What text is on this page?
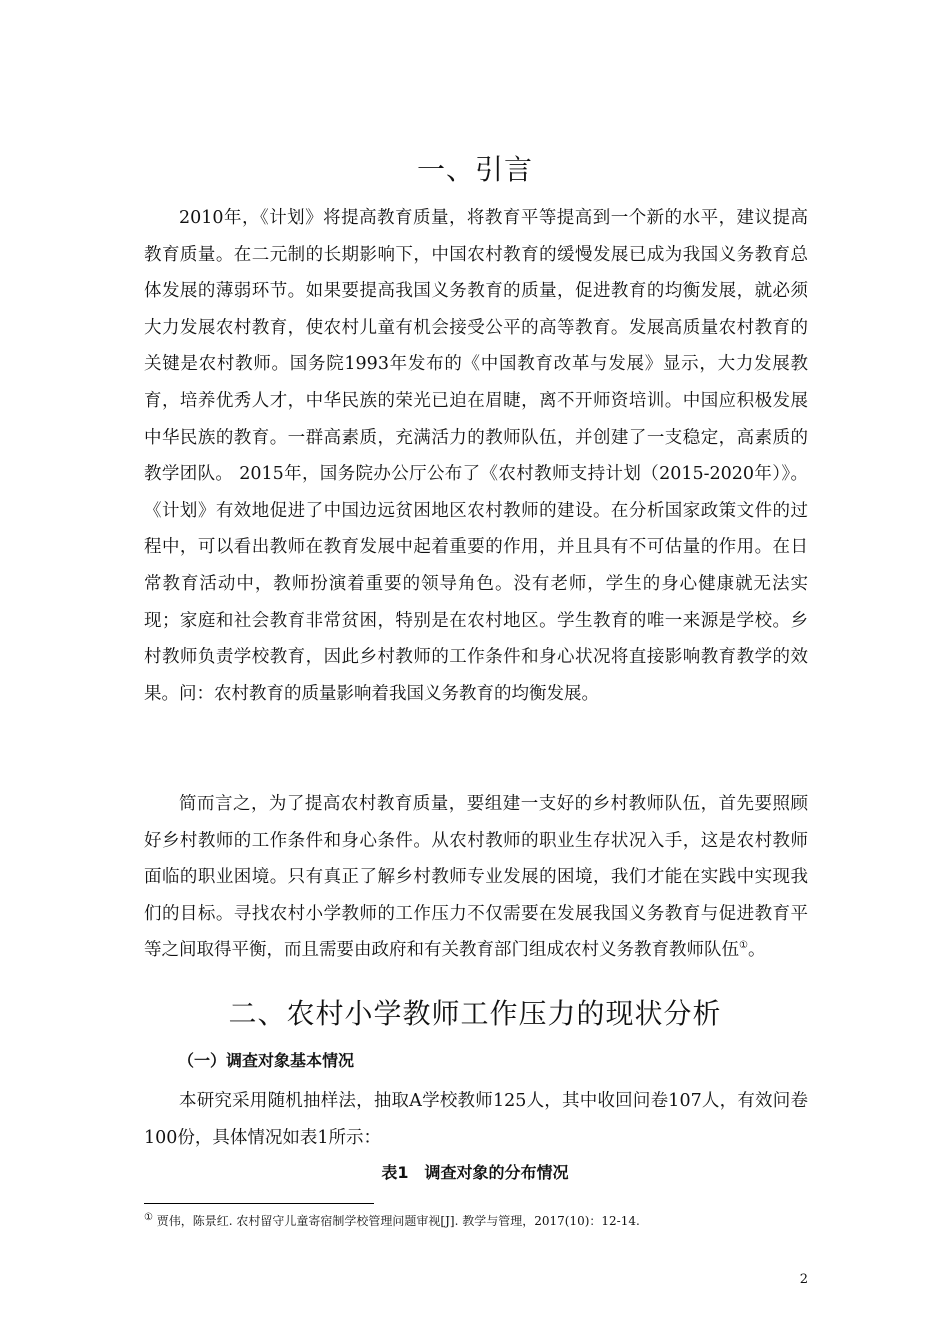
一、引言

2010年，《计划》将提高教育质量，将教育平等提高到一个新的水平，建议提高教育质量。在二元制的长期影响下，中国农村教育的缓慢发展已成为我国义务教育总体发展的薄弱环节。如果要提高我国义务教育的质量，促进教育的均衡发展，就必须大力发展农村教育，使农村儿童有机会接受公平的高等教育。发展高质量农村教育的关键是农村教师。国务院1993年发布的《中国教育改革与发展》显示，大力发展教育，培养优秀人才，中华民族的荣光已迫在眉睫，离不开师资培训。中国应积极发展中华民族的教育。一群高素质，充满活力的教师队伍，并创建了一支稳定，高素质的教学团队。 2015年，国务院办公厅公布了《农村教师支持计划（2015-2020年）》。《计划》有效地促进了中国边远贫困地区农村教师的建设。在分析国家政策文件的过程中，可以看出教师在教育发展中起着重要的作用，并且具有不可估量的作用。在日常教育活动中，教师扮演着重要的领导角色。没有老师，学生的身心健康就无法实现；家庭和社会教育非常贫困，特别是在农村地区。学生教育的唯一来源是学校。乡村教师负责学校教育，因此乡村教师的工作条件和身心状况将直接影响教育教学的效果。问：农村教育的质量影响着我国义务教育的均衡发展。

简而言之，为了提高农村教育质量，要组建一支好的乡村教师队伍，首先要照顾好乡村教师的工作条件和身心条件。从农村教师的职业生存状况入手，这是农村教师面临的职业困境。只有真正了解乡村教师专业发展的困境，我们才能在实践中实现我们的目标。寻找农村小学教师的工作压力不仅需要在发展我国义务教育与促进教育平等之间取得平衡，而且需要由政府和有关教育部门组成农村义务教育教师队伍①。

二、农村小学教师工作压力的现状分析
（一）调查对象基本情况

本研究采用随机抽样法，抽取A学校教师125人，其中收回问卷107人，有效问卷100份，具体情况如表1所示：

表1　调查对象的分布情况

① 贾伟，陈景红. 农村留守儿童寄宿制学校管理问题审视[J]. 教学与管理，2017(10)：12-14.

2
